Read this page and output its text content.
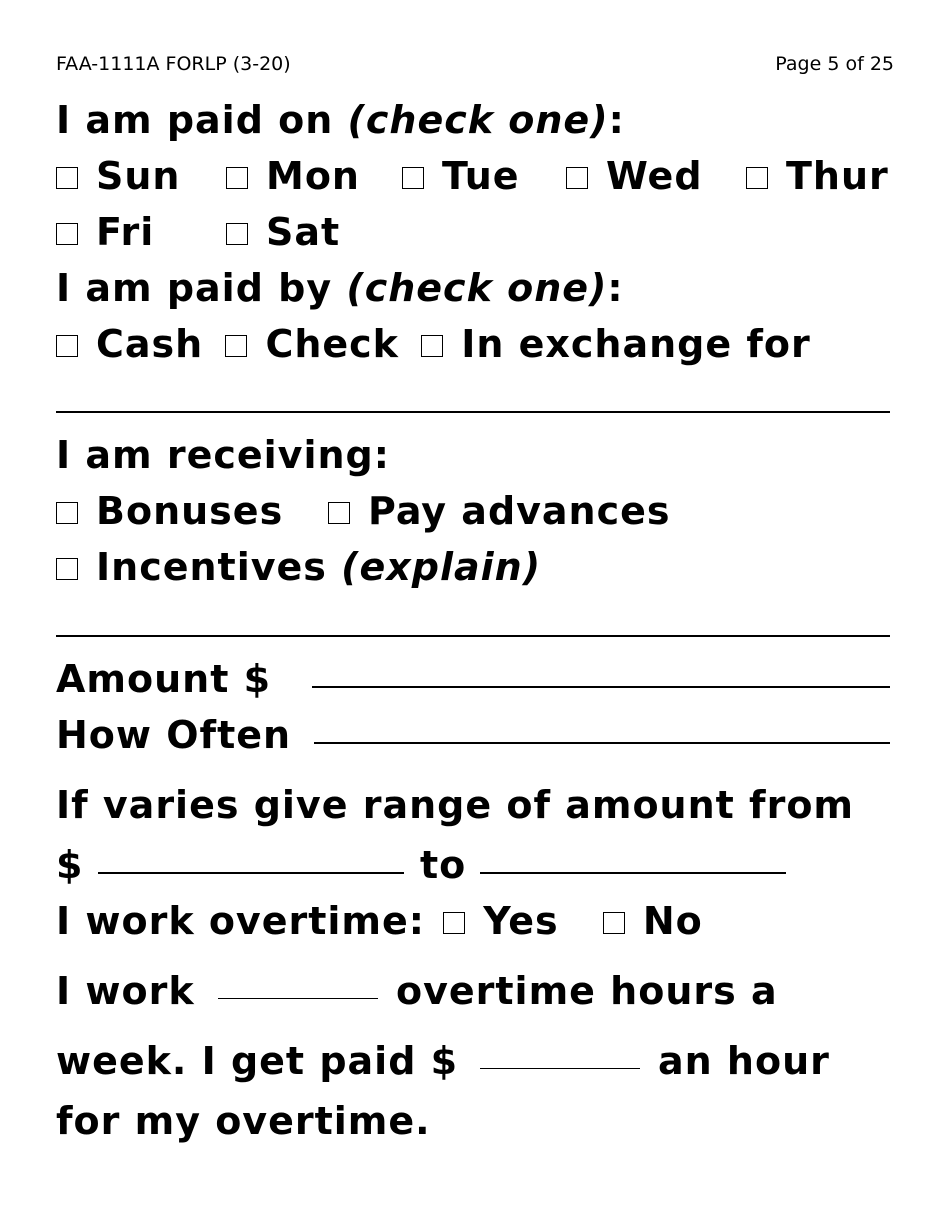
FAA-1111A FORLP (3-20)	Page 5 of 25
I am paid on (check one):
Sun	Mon	Tue	Wed	Thur
Fri	Sat
I am paid by (check one):
Cash Check In exchange for
I am receiving:
Bonuses	Pay advances
Incentives (explain)
Amount $
How Often
If varies give range of amount from
$	to
I work overtime: Yes No
I work	overtime hours a
week. I get paid $	an hour
for my overtime.
